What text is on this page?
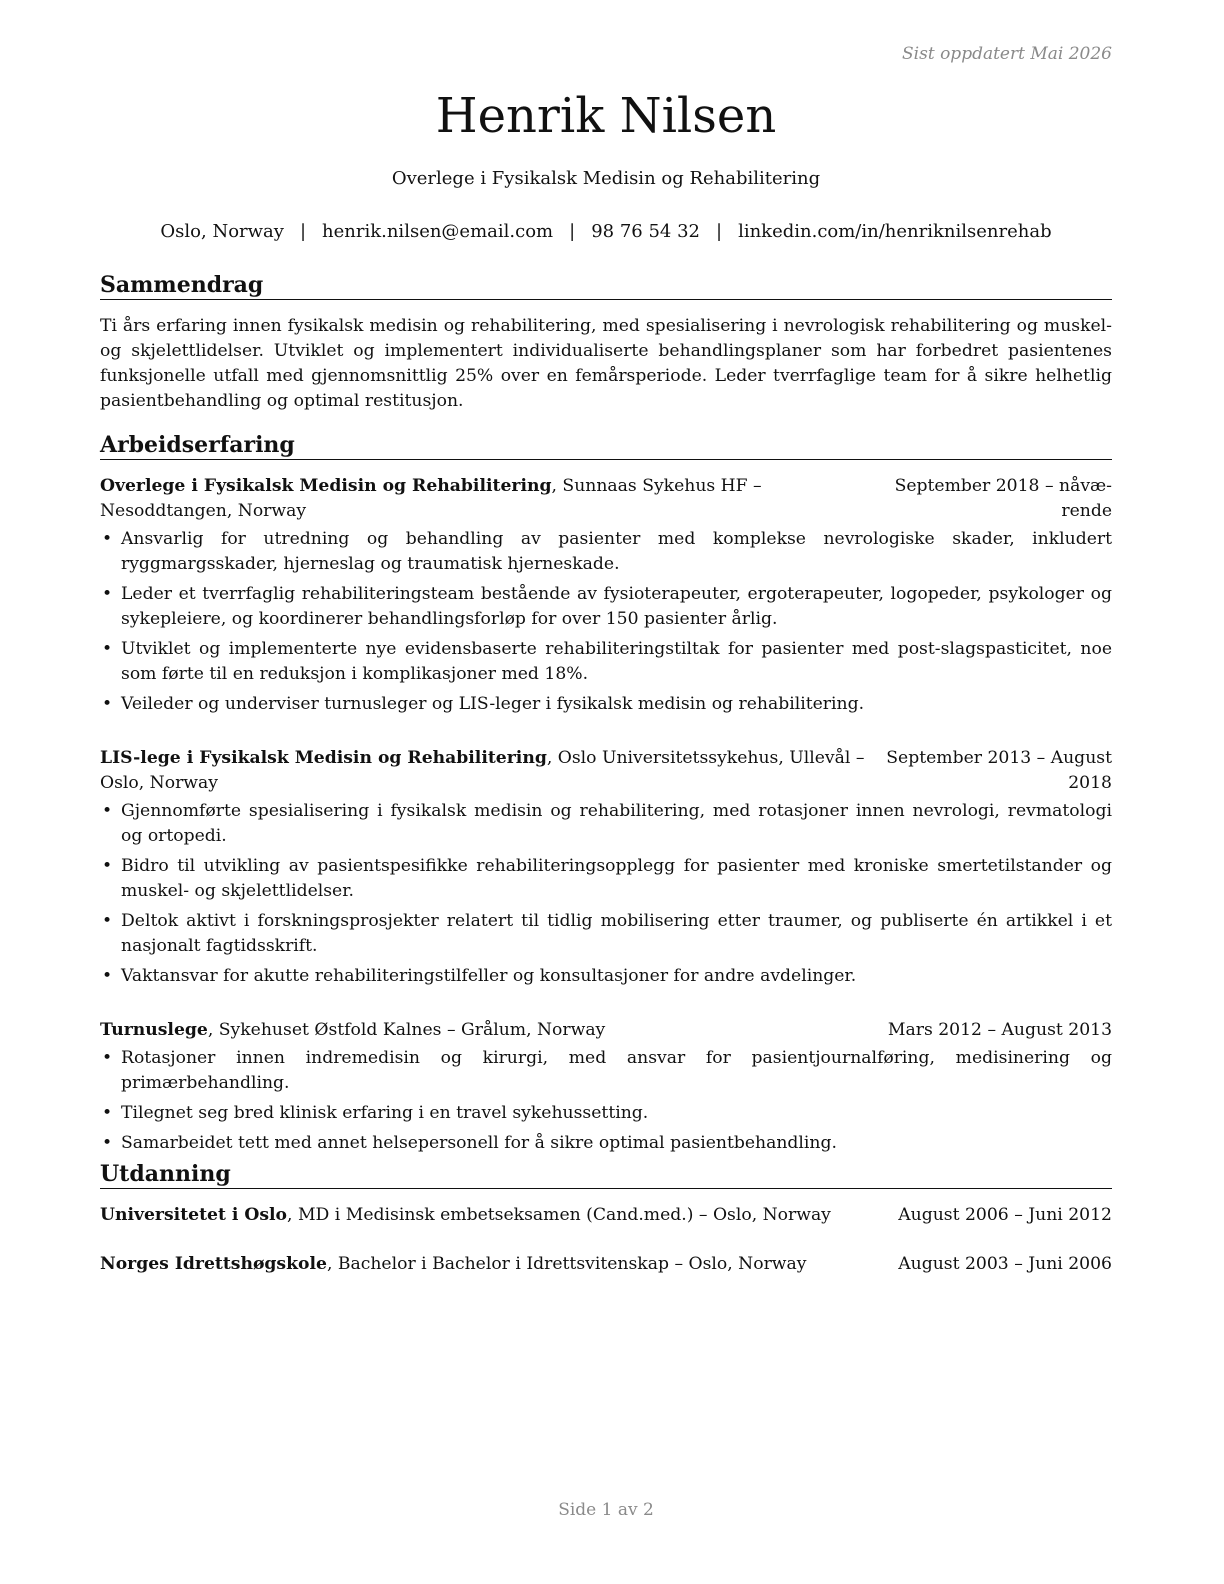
Sist oppdatert Mai 2026
Henrik Nilsen
Overlege i Fysikalsk Medisin og Rehabilitering
Oslo, Norway | henrik.nilsen@email.com | 98 76 54 32 | linkedin.com/in/henriknilsenrehab
Sammendrag
Ti års erfaring innen fysikalsk medisin og rehabilitering, med spesialisering i nevrologisk rehabilitering og muskel- og skjelettlidelser. Utviklet og implementert individualiserte behandlingsplaner som har forbedret pasientenes funksjonelle utfall med gjennomsnittlig 25% over en femårsperiode. Leder tverrfaglige team for å sikre helhetlig pasientbehandling og optimal restitusjon.
Arbeidserfaring
Overlege i Fysikalsk Medisin og Rehabilitering, Sunnaas Sykehus HF – Nesoddtangen, Norway
September 2018 – nåvæ-
rende
• Ansvarlig for utredning og behandling av pasienter med komplekse nevrologiske skader, inkludert ryggmargsskader, hjerneslag og traumatisk hjerneskade.
• Leder et tverrfaglig rehabiliteringsteam bestående av fysioterapeuter, ergoterapeuter, logopeder, psykologer og sykepleiere, og koordinerer behandlingsforløp for over 150 pasienter årlig.
• Utviklet og implementerte nye evidensbaserte rehabiliteringstiltak for pasienter med post-slagspasticitet, noe som førte til en reduksjon i komplikasjoner med 18%.
• Veileder og underviser turnusleger og LIS-leger i fysikalsk medisin og rehabilitering.
LIS-lege i Fysikalsk Medisin og Rehabilitering, Oslo Universitetssykehus, Ullevål – Oslo, Norway
September 2013 – August
2018
• Gjennomførte spesialisering i fysikalsk medisin og rehabilitering, med rotasjoner innen nevrologi, revmatologi og ortopedi.
• Bidro til utvikling av pasientspesifikke rehabiliteringsopplegg for pasienter med kroniske smertetilstander og muskel- og skjelettlidelser.
• Deltok aktivt i forskningsprosjekter relatert til tidlig mobilisering etter traumer, og publiserte én artikkel i et nasjonalt fagtidsskrift.
• Vaktansvar for akutte rehabiliteringstilfeller og konsultasjoner for andre avdelinger.
Turnuslege, Sykehuset Østfold Kalnes – Grålum, Norway	Mars 2012 – August 2013
• Rotasjoner innen indremedisin og kirurgi, med ansvar for pasientjournalføring, medisinering og primærbehandling.
• Tilegnet seg bred klinisk erfaring i en travel sykehussetting.
• Samarbeidet tett med annet helsepersonell for å sikre optimal pasientbehandling.
Utdanning
Universitetet i Oslo, MD i Medisinsk embetseksamen (Cand.med.) – Oslo, Norway	August 2006 – Juni 2012
Norges Idrettshøgskole, Bachelor i Bachelor i Idrettsvitenskap – Oslo, Norway	August 2003 – Juni 2006
Side 1 av 2
